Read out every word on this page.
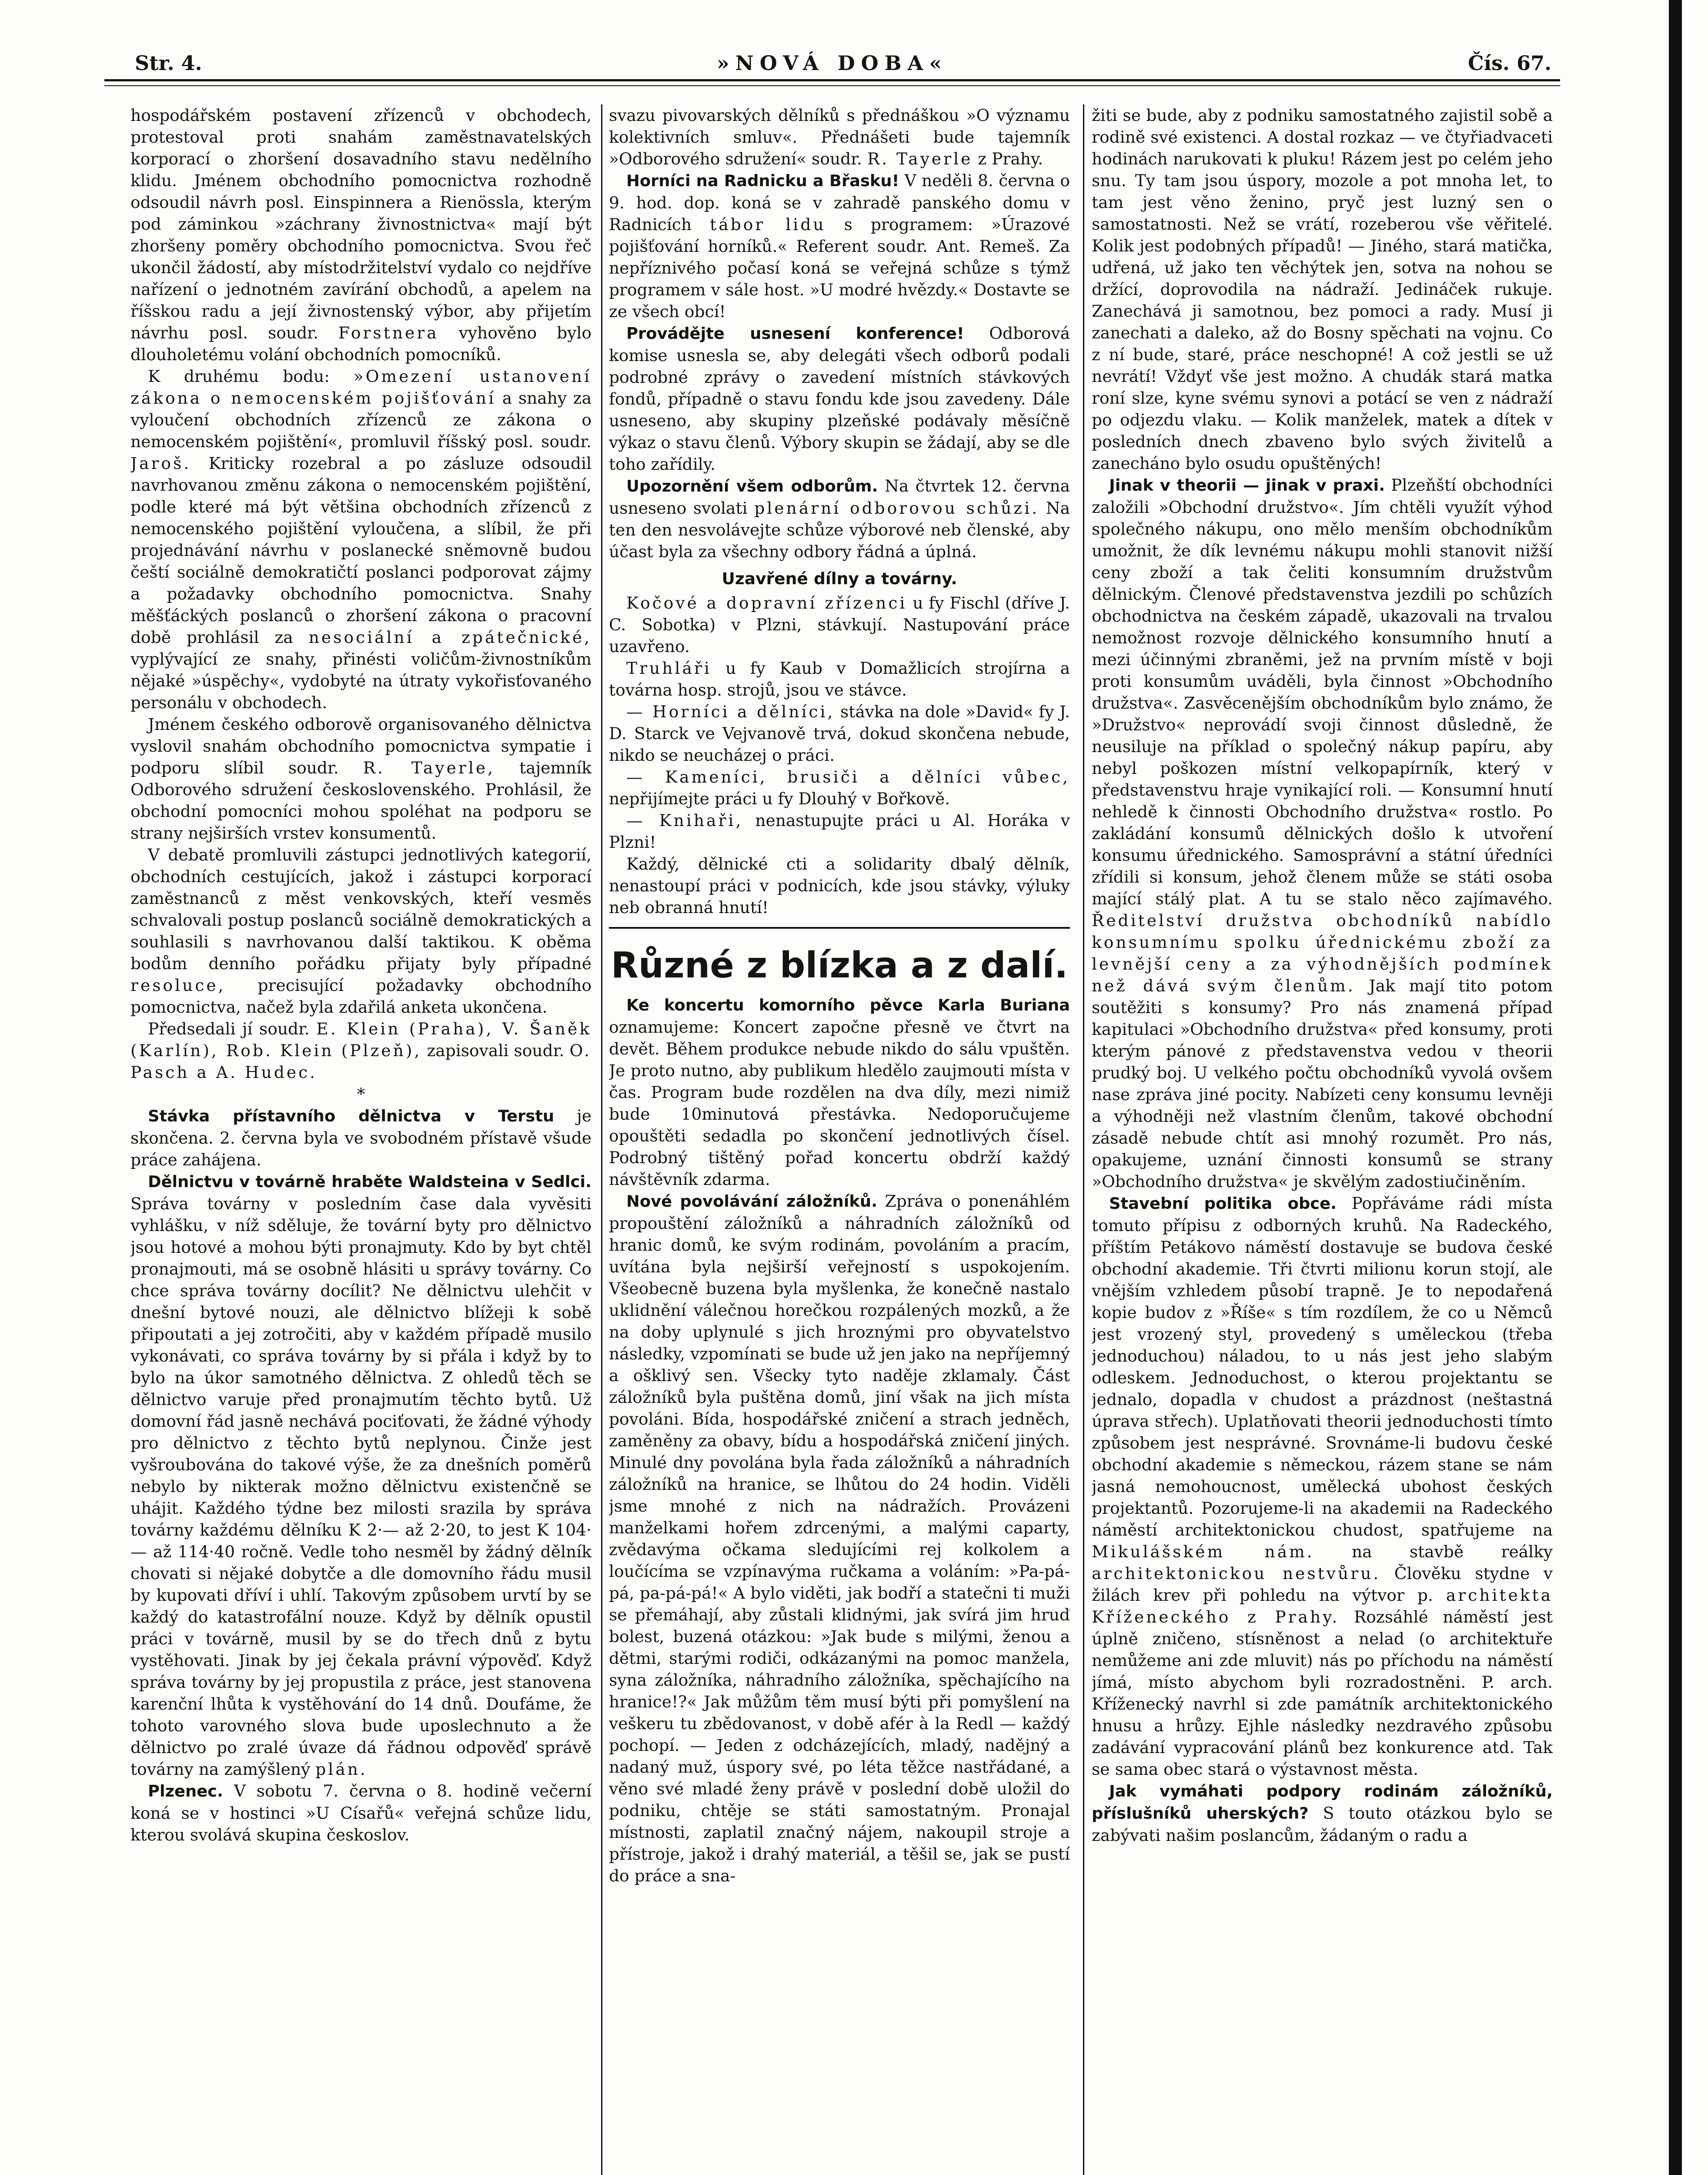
Str. 4.	»NOVÁ DOBA«	Čís. 67.

hospodářském postavení zřízenců v obchodech, protestoval proti snahám zaměstnavatelských korporací o zhoršení dosavadního stavu nedělního klidu. Jménem obchodního pomocnictva rozhodně odsoudil návrh posl. Einspinnera a Rienössla, kterým pod záminkou »záchrany živnostnictva« mají být zhoršeny poměry obchodního pomocnictva. Svou řeč ukončil žádostí, aby místodržitelství vydalo co nejdříve nařízení o jednotném zavírání obchodů, a apelem na říšskou radu a její živnostenský výbor, aby přijetím návrhu posl. soudr. Forstnera vyhověno bylo dlouholetému volání obchodních pomocníků.

K druhému bodu: »Omezení ustanovení zákona o nemocenském pojišťování a snahy za vyloučení obchodních zřízenců ze zákona o nemocenském pojištění«, promluvil říšský posl. soudr. Jaroš. Kriticky rozebral a po zásluze odsoudil navrhovanou změnu zákona o nemocenském pojištění, podle které má být většina obchodních zřízenců z nemocenského pojištění vyloučena, a slíbil, že při projednávání návrhu v poslanecké sněmovně budou čeští sociálně demokratičtí poslanci podporovat zájmy a požadavky obchodního pomocnictva. Snahy měšťáckých poslanců o zhoršení zákona o pracovní době prohlásil za nesociální a zpátečnické, vyplývající ze snahy, přinésti voličům-živnostníkům nějaké »úspěchy«, vydobyté na útraty vykořisťovaného personálu v obchodech.

Jménem českého odborově organisovaného dělnictva vyslovil snahám obchodního pomocnictva sympatie i podporu slíbil soudr. R. Tayerle, tajemník Odborového sdružení československého. Prohlásil, že obchodní pomocníci mohou spoléhat na podporu se strany nejširších vrstev konsumentů.

V debatě promluvili zástupci jednotlivých kategorií, obchodních cestujících, jakož i zástupci korporací zaměstnanců z měst venkovských, kteří vesměs schvalovali postup poslanců sociálně demokratických a souhlasili s navrhovanou další taktikou. K oběma bodům denního pořádku přijaty byly případné resoluce, precisující požadavky obchodního pomocnictva, načež byla zdařilá anketa ukončena.

Předsedali jí soudr. E. Klein (Praha), V. Šaněk (Karlín), Rob. Klein (Plzeň), zapisovali soudr. O. Pasch a A. Hudec.

*

Stávka přístavního dělnictva v Terstu je skončena. 2. června byla ve svobodném přístavě všude práce zahájena.

Dělnictvu v továrně hraběte Waldsteina v Sedlci. Správa továrny v posledním čase dala vyvěsiti vyhlášku, v níž sděluje, že tovární byty pro dělnictvo jsou hotové a mohou býti pronajmuty. Kdo by byt chtěl pronajmouti, má se osobně hlásiti u správy továrny. Co chce správa továrny docílit? Ne dělnictvu ulehčit v dnešní bytové nouzi, ale dělnictvo blížeji k sobě připoutati a jej zotročiti, aby v každém případě musilo vykonávati, co správa továrny by si přála i když by to bylo na úkor samotného dělnictva. Z ohledů těch se dělnictvo varuje před pronajmutím těchto bytů. Už domovní řád jasně nechává pociťovati, že žádné výhody pro dělnictvo z těchto bytů neplynou. Činže jest vyšroubována do takové výše, že za dnešních poměrů nebylo by nikterak možno dělnictvu existenčně se uhájit. Každého týdne bez milosti srazila by správa továrny každému dělníku K 2·— až 2·20, to jest K 104·— až 114·40 ročně. Vedle toho nesměl by žádný dělník chovati si nějaké dobytče a dle domovního řádu musil by kupovati dříví i uhlí. Takovým způsobem urvtí by se každý do katastrofální nouze. Když by dělník opustil práci v továrně, musil by se do třech dnů z bytu vystěhovati. Jinak by jej čekala právní výpověď. Když správa továrny by jej propustila z práce, jest stanovena karenční lhůta k vystěhování do 14 dnů. Doufáme, že tohoto varovného slova bude uposlechnuto a že dělnictvo po zralé úvaze dá řádnou odpověď správě továrny na zamýšlený plán.

Plzenec. V sobotu 7. června o 8. hodině večerní koná se v hostinci »U Císařů« veřejná schůze lidu, kterou svolává skupina českoslov.

svazu pivovarských dělníků s přednáškou »O významu kolektivních smluv«. Přednášeti bude tajemník »Odborového sdružení« soudr. R. Tayerle z Prahy.

Horníci na Radnicku a Břasku! V neděli 8. června o 9. hod. dop. koná se v zahradě panského domu v Radnicích tábor lidu s programem: »Úrazové pojišťování horníků.« Referent soudr. Ant. Remeš. Za nepříznivého počasí koná se veřejná schůze s týmž programem v sále host. »U modré hvězdy.« Dostavte se ze všech obcí!

Provádějte usnesení konference! Odborová komise usnesla se, aby delegáti všech odborů podali podrobné zprávy o zavedení místních stávkových fondů, případně o stavu fondu kde jsou zavedeny. Dále usneseno, aby skupiny plzeňské podávaly měsíčně výkaz o stavu členů. Výbory skupin se žádají, aby se dle toho zařídily.

Upozornění všem odborům. Na čtvrtek 12. června usneseno svolati plenární odborovou schůzi. Na ten den nesvolávejte schůze výborové neb členské, aby účast byla za všechny odbory řádná a úplná.

Uzavřené dílny a továrny.

Kočové a dopravní zřízenci u fy Fischl (dříve J. C. Sobotka) v Plzni, stávkují. Nastupování práce uzavřeno.

Truhláři u fy Kaub v Domažlicích strojírna a továrna hosp. strojů, jsou ve stávce.

— Horníci a dělníci, stávka na dole »David« fy J. D. Starck ve Vejvanově trvá, dokud skončena nebude, nikdo se neucházej o práci.

— Kameníci, brusiči a dělníci vůbec, nepřijímejte práci u fy Dlouhý v Bořkově.

— Knihaři, nenastupujte práci u Al. Horáka v Plzni!

Každý, dělnické cti a solidarity dbalý dělník, nenastoupí práci v podnicích, kde jsou stávky, výluky neb obranná hnutí!

Různé z blízka a z dalí.

Ke koncertu komorního pěvce Karla Buriana oznamujeme: Koncert započne přesně ve čtvrt na devět. Během produkce nebude nikdo do sálu vpuštěn. Je proto nutno, aby publikum hledělo zaujmouti místa v čas. Program bude rozdělen na dva díly, mezi nimiž bude 10minutová přestávka. Nedoporučujeme opouštěti sedadla po skončení jednotlivých čísel. Podrobný tištěný pořad koncertu obdrží každý návštěvník zdarma.

Nové povolávání záložníků. Zpráva o ponenáhlém propouštění záložníků a náhradních záložníků od hranic domů, ke svým rodinám, povoláním a pracím, uvítána byla nejširší veřejností s uspokojením. Všeobecně buzena byla myšlenka, že konečně nastalo uklidnění válečnou horečkou rozpálených mozků, a že na doby uplynulé s jich hroznými pro obyvatelstvo následky, vzpomínati se bude už jen jako na nepříjemný a ošklivý sen. Všecky tyto naděje zklamaly. Část záložníků byla puštěna domů, jiní však na jich místa povoláni. Bída, hospodářské zničení a strach jedněch, zaměněny za obavy, bídu a hospodářská zničení jiných. Minulé dny povolána byla řada záložníků a náhradních záložníků na hranice, se lhůtou do 24 hodin. Viděli jsme mnohé z nich na nádražích. Provázeni manželkami hořem zdrcenými, a malými caparty, zvědavýma očkama sledujícími rej kolkolem a loučícíma se vzpínavýma ručkama a voláním: »Pa-pá-pá, pa-pá-pá!« A bylo viděti, jak bodří a statečni ti muži se přemáhají, aby zůstali klidnými, jak svírá jim hruď bolest, buzená otázkou: »Jak bude s milými, ženou a dětmi, starými rodiči, odkázanými na pomoc manžela, syna záložníka, náhradního záložníka, spěchajícího na hranice!?« Jak můžům těm musí býti při pomyšlení na veškeru tu zbědovanost, v době afér à la Redl — každý pochopí. — Jeden z odcházejících, mladý, nadějný a nadaný muž, úspory své, po léta těžce nastřádané, a věno své mladé ženy právě v poslední době uložil do podniku, chtěje se státi samostatným. Pronajal místnosti, zaplatil značný nájem, nakoupil stroje a přístroje, jakož i drahý materiál, a těšil se, jak se pustí do práce a sna-

žiti se bude, aby z podniku samostatného zajistil sobě a rodině své existenci. A dostal rozkaz — ve čtyřiadvaceti hodinách narukovati k pluku! Rázem jest po celém jeho snu. Ty tam jsou úspory, mozole a pot mnoha let, to tam jest věno ženino, pryč jest luzný sen o samostatnosti. Než se vrátí, rozeberou vše věřitelé. Kolik jest podobných případů! — Jiného, stará matička, udřená, už jako ten věchýtek jen, sotva na nohou se držící, doprovodila na nádraží. Jedináček rukuje. Zanechává ji samotnou, bez pomoci a rady. Musí ji zanechati a daleko, až do Bosny spěchati na vojnu. Co z ní bude, staré, práce neschopné! A což jestli se už nevrátí! Vždyť vše jest možno. A chudák stará matka roní slze, kyne svému synovi a potácí se ven z nádraží po odjezdu vlaku. — Kolik manželek, matek a dítek v posledních dnech zbaveno bylo svých živitelů a zanecháno bylo osudu opuštěných!

Jinak v theorii — jinak v praxi. Plzeňští obchodníci založili »Obchodní družstvo«. Jím chtěli využít výhod společného nákupu, ono mělo menším obchodníkům umožnit, že dík levnému nákupu mohli stanovit nižší ceny zboží a tak čeliti konsumním družstvům dělnickým. Členové představenstva jezdili po schůzích obchodnictva na českém západě, ukazovali na trvalou nemožnost rozvoje dělnického konsumního hnutí a mezi účinnými zbraněmi, jež na prvním místě v boji proti konsumům uváděli, byla činnost »Obchodního družstva«. Zasvěcenějším obchodníkům bylo známo, že »Družstvo« neprovádí svoji činnost důsledně, že neusiluje na příklad o společný nákup papíru, aby nebyl poškozen místní velkopapírník, který v představenstvu hraje vynikající roli. — Konsumní hnutí nehledě k činnosti Obchodního družstva« rostlo. Po zakládání konsumů dělnických došlo k utvoření konsumu úřednického. Samosprávní a státní úředníci zřídili si konsum, jehož členem může se státi osoba mající stálý plat. A tu se stalo něco zajímavého. Ředitelství družstva obchodníků nabídlo konsumnímu spolku úřednickému zboží za levnější ceny a za výhodnějších podmínek než dává svým členům. Jak mají tito potom soutěžiti s konsumy? Pro nás znamená případ kapitulaci »Obchodního družstva« před konsumy, proti kterým pánové z představenstva vedou v theorii prudký boj. U velkého počtu obchodníků vyvolá ovšem nase zpráva jiné pocity. Nabízeti ceny konsumu levněji a výhodněji než vlastním členům, takové obchodní zásadě nebude chtít asi mnohý rozumět. Pro nás, opakujeme, uznání činnosti konsumů se strany »Obchodního družstva« je skvělým zadostiučiněním.

Stavební politika obce. Popřáváme rádi místa tomuto přípisu z odborných kruhů. Na Radeckého, příštím Petákovo náměstí dostavuje se budova české obchodní akademie. Tři čtvrti milionu korun stojí, ale vnějším vzhledem působí trapně. Je to nepodařená kopie budov z »Říše« s tím rozdílem, že co u Němců jest vrozený styl, provedený s uměleckou (třeba jednoduchou) náladou, to u nás jest jeho slabým odleskem. Jednoduchost, o kterou projektantu se jednalo, dopadla v chudost a prázdnost (neštastná úprava střech). Uplatňovati theorii jednoduchosti tímto způsobem jest nesprávné. Srovnáme-li budovu české obchodní akademie s německou, rázem stane se nám jasná nemohoucnost, umělecká ubohost českých projektantů. Pozorujeme-li na akademii na Radeckého náměstí architektonickou chudost, spatřujeme na Mikulášském nám. na stavbě reálky architektonickou nestvůru. Člověku stydne v žilách krev při pohledu na výtvor p. architekta Kříženeckého z Prahy. Rozsáhlé náměstí jest úplně zničeno, stísněnost a nelad (o architektuře nemůžeme ani zde mluvit) nás po příchodu na náměstí jímá, místo abychom byli rozradostněni. P. arch. Kříženecký navrhl si zde památník architektonického hnusu a hrůzy. Ejhle následky nezdravého způsobu zadávání vypracování plánů bez konkurence atd. Tak se sama obec stará o výstavnost města.

Jak vymáhati podpory rodinám záložníků, příslušníků uherských? S touto otázkou bylo se zabývati našim poslancům, žádaným o radu a
